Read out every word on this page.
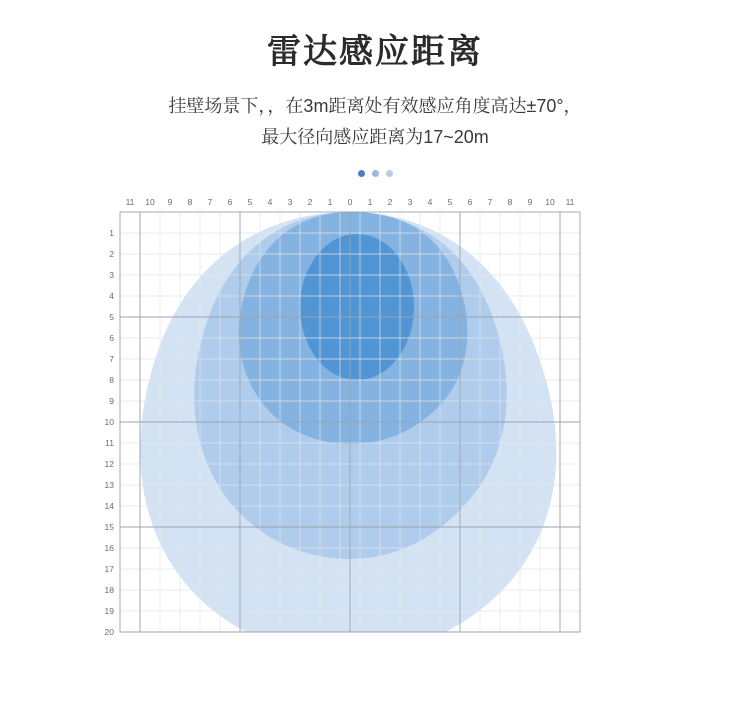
雷达感应距离
挂壁场景下，，在3m距离处有效感应角度高达±70°，
最大径向感应距离为17~20m
11 10 9 8 7 6 5 4 3 2 1 0 1 2 3 4 5 6 7 8 9 10 11
1
2
3
4
5
6
7
8
9
10
11
12
13
14
15
16
17
18
19
20
